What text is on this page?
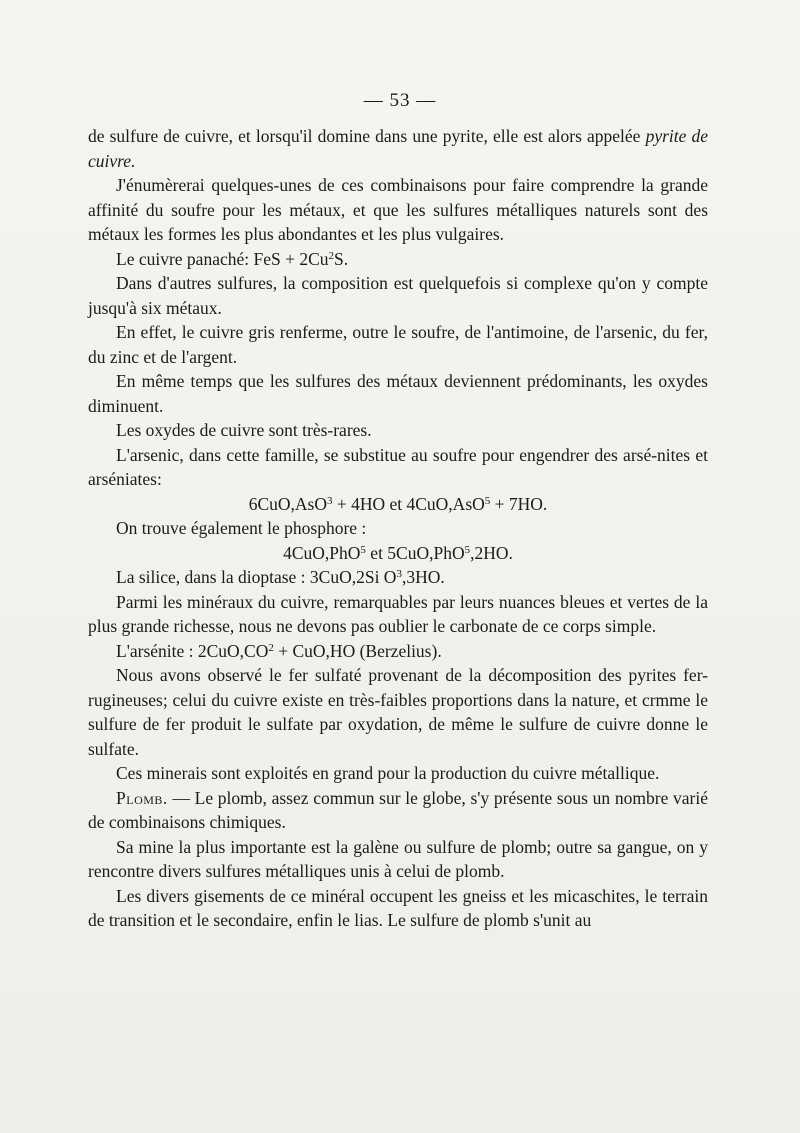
— 53 —

de sulfure de cuivre, et lorsqu'il domine dans une pyrite, elle est alors appelée pyrite de cuivre.

J'énumèrerai quelques-unes de ces combinaisons pour faire comprendre la grande affinité du soufre pour les métaux, et que les sulfures métalliques naturels sont des métaux les formes les plus abondantes et les plus vulgaires.

Le cuivre panaché: FeS + $2Cu^2S$.

Dans d'autres sulfures, la composition est quelquefois si complexe qu'on y compte jusqu'à six métaux.

En effet, le cuivre gris renferme, outre le soufre, de l'antimoine, de l'arsenic, du fer, du zinc et de l'argent.

En même temps que les sulfures des métaux deviennent prédominants, les oxydes diminuent.

Les oxydes de cuivre sont très-rares.

L'arsenic, dans cette famille, se substitue au soufre pour engendrer des arsé-nites et arséniates:

6CuO,AsO$^3$ + 4HO et 4CuO,AsO$^5$ + 7HO.

On trouve également le phosphore :

4CuO,PhO$^5$ et 5CuO,PhO$^5$,2HO.

La silice, dans la dioptase : 3CuO,2Si $O^3,3HO$.

Parmi les minéraux du cuivre, remarquables par leurs nuances bleues et vertes de la plus grande richesse, nous ne devons pas oublier le carbonate de ce corps simple.

L'arsénite : $2CuO,CO^2 + CuO,HO$ (Berzelius).

Nous avons observé le fer sulfaté provenant de la décomposition des pyrites fer-rugineuses; celui du cuivre existe en très-faibles proportions dans la nature, et crmme le sulfure de fer produit le sulfate par oxydation, de même le sulfure de cuivre donne le sulfate.

Ces minerais sont exploités en grand pour la production du cuivre métallique.

Plomb. — Le plomb, assez commun sur le globe, s'y présente sous un nombre varié de combinaisons chimiques.

Sa mine la plus importante est la galène ou sulfure de plomb; outre sa gangue, on y rencontre divers sulfures métalliques unis à celui de plomb.

Les divers gisements de ce minéral occupent les gneiss et les micaschites, le terrain de transition et le secondaire, enfin le lias. Le sulfure de plomb s'unit au
